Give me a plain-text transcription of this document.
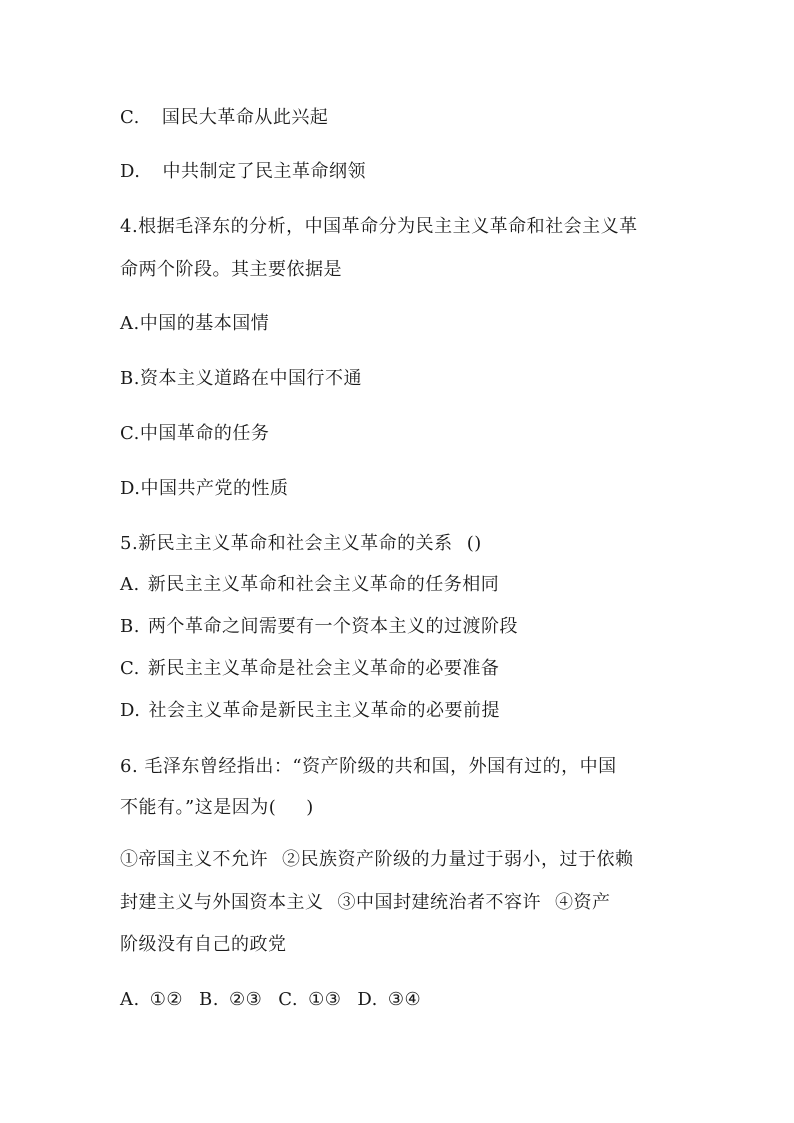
C. 国民大革命从此兴起
D. 中共制定了民主革命纲领
4.根据毛泽东的分析，中国革命分为民主主义革命和社会主义革
命两个阶段。其主要依据是
A.中国的基本国情
B.资本主义道路在中国行不通
C.中国革命的任务
D.中国共产党的性质
5.新民主主义革命和社会主义革命的关系 ()
A. 新民主主义革命和社会主义革命的任务相同
B. 两个革命之间需要有一个资本主义的过渡阶段
C. 新民主主义革命是社会主义革命的必要准备
D. 社会主义革命是新民主主义革命的必要前提
6. 毛泽东曾经指出：“资产阶级的共和国，外国有过的，中国
不能有。”这是因为( )
①帝国主义不允许 ②民族资产阶级的力量过于弱小，过于依赖
封建主义与外国资本主义 ③中国封建统治者不容许 ④资产
阶级没有自己的政党
A. ①② B. ②③ C. ①③ D. ③④
